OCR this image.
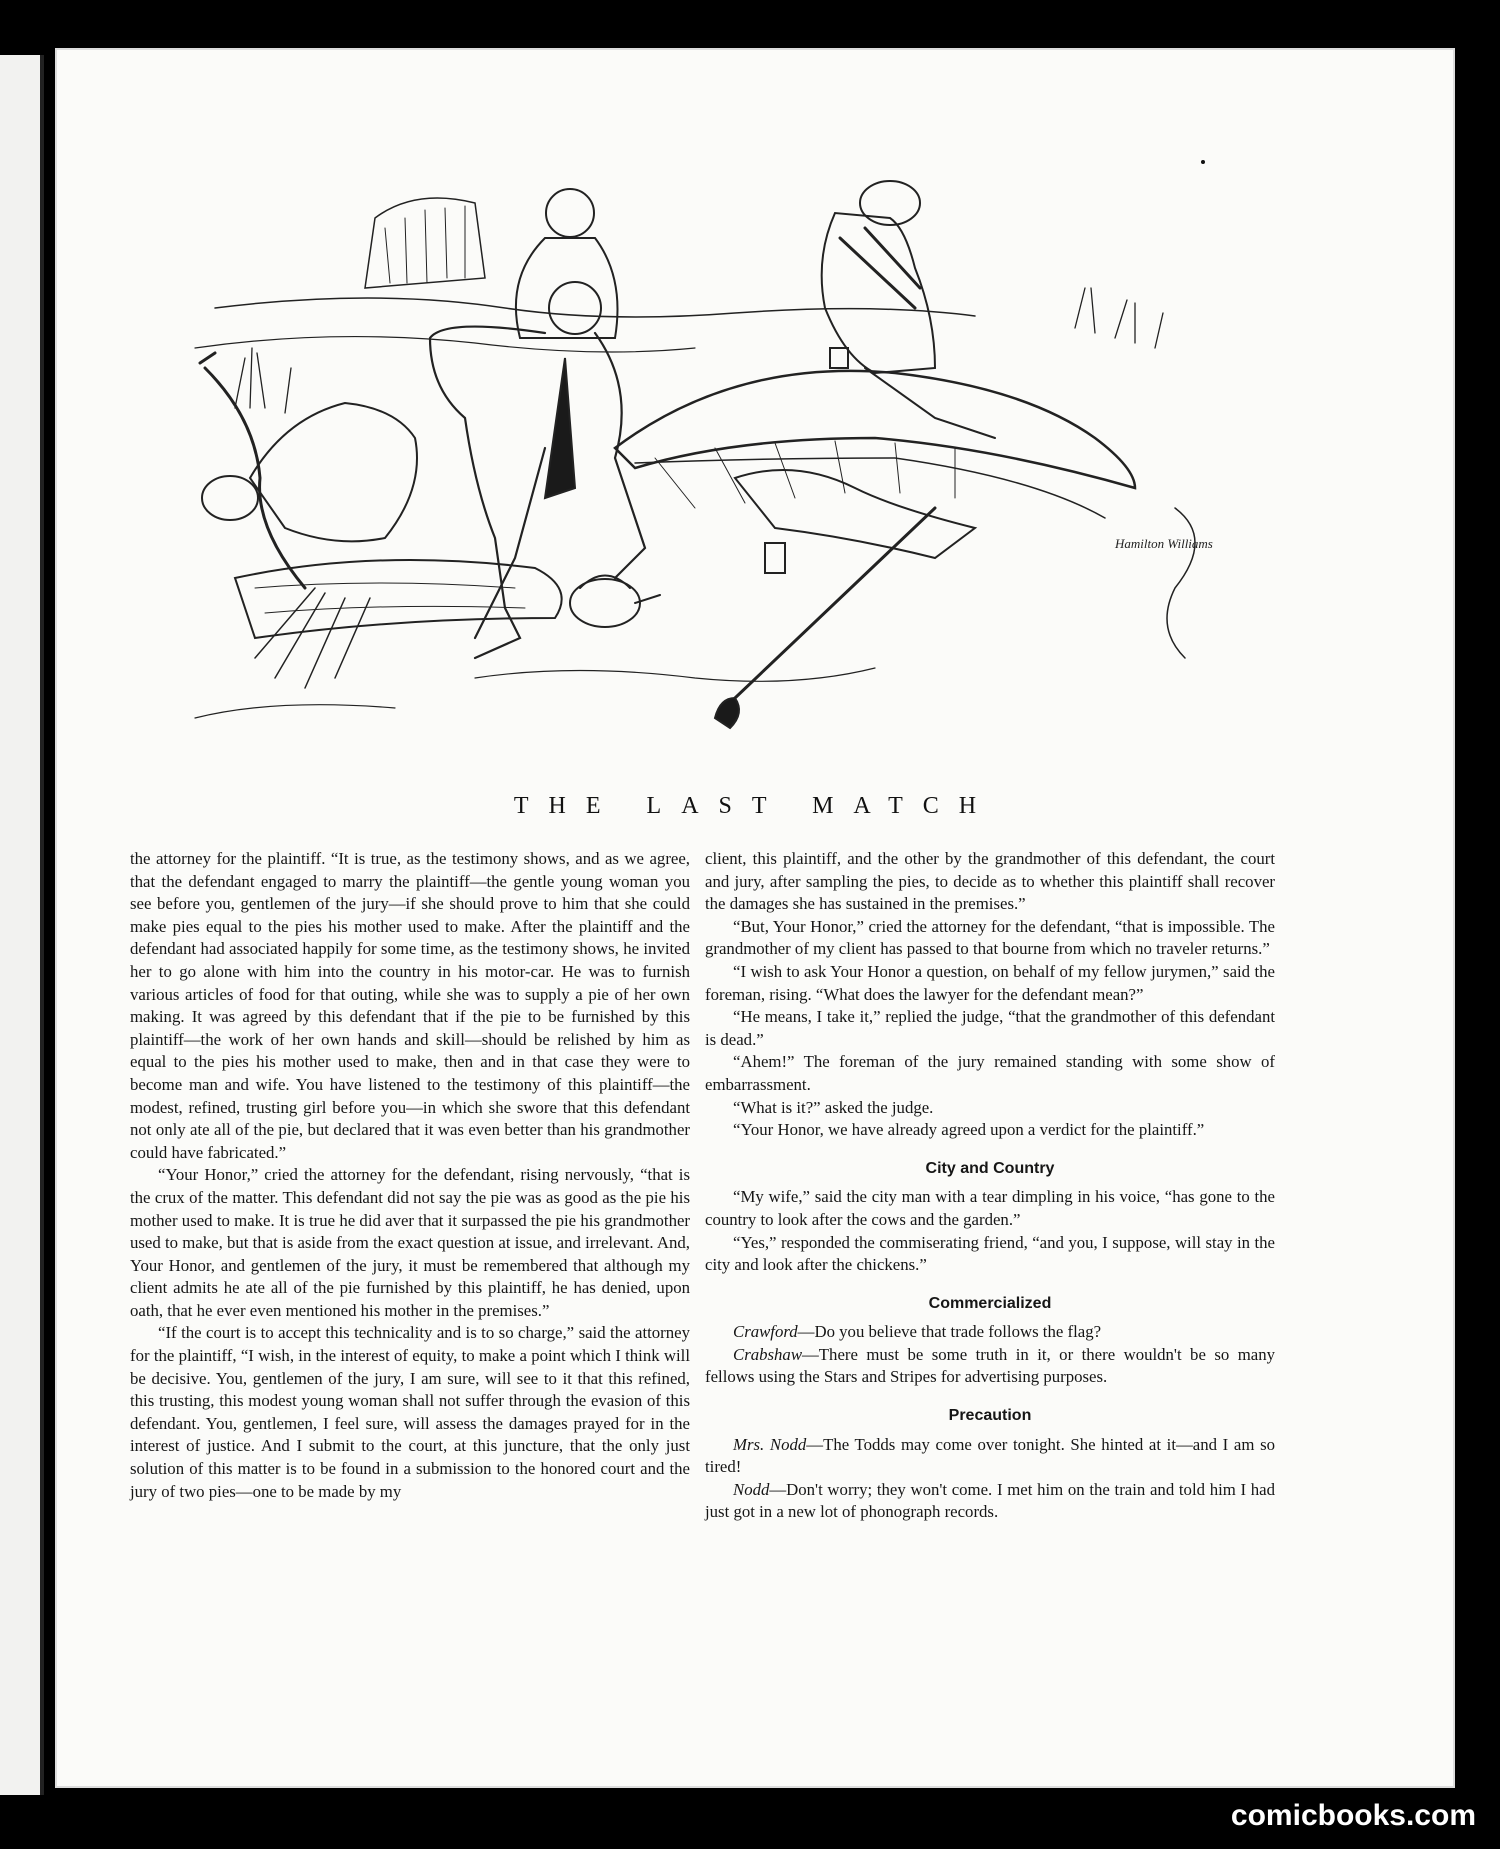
Hamilton Williams
THE LAST MATCH

the attorney for the plaintiff. “It is true, as the testimony shows, and as we agree, that the defendant engaged to marry the plaintiff—the gentle young woman you see before you, gentlemen of the jury—if she should prove to him that she could make pies equal to the pies his mother used to make. After the plaintiff and the defendant had associated happily for some time, as the testimony shows, he invited her to go alone with him into the country in his motor-car. He was to furnish various articles of food for that outing, while she was to supply a pie of her own making. It was agreed by this defendant that if the pie to be furnished by this plaintiff—the work of her own hands and skill—should be relished by him as equal to the pies his mother used to make, then and in that case they were to become man and wife. You have listened to the testimony of this plaintiff—the modest, refined, trusting girl before you—in which she swore that this defendant not only ate all of the pie, but declared that it was even better than his grandmother could have fabricated.”

“Your Honor,” cried the attorney for the defendant, rising nervously, “that is the crux of the matter. This defendant did not say the pie was as good as the pie his mother used to make. It is true he did aver that it surpassed the pie his grandmother used to make, but that is aside from the exact question at issue, and irrelevant. And, Your Honor, and gentlemen of the jury, it must be remembered that although my client admits he ate all of the pie furnished by this plaintiff, he has denied, upon oath, that he ever even mentioned his mother in the premises.”

“If the court is to accept this technicality and is to so charge,” said the attorney for the plaintiff, “I wish, in the interest of equity, to make a point which I think will be decisive. You, gentlemen of the jury, I am sure, will see to it that this refined, this trusting, this modest young woman shall not suffer through the evasion of this defendant. You, gentlemen, I feel sure, will assess the damages prayed for in the interest of justice. And I submit to the court, at this juncture, that the only just solution of this matter is to be found in a submission to the honored court and the jury of two pies—one to be made by my

client, this plaintiff, and the other by the grandmother of this defendant, the court and jury, after sampling the pies, to decide as to whether this plaintiff shall recover the damages she has sustained in the premises.”

“But, Your Honor,” cried the attorney for the defendant, “that is impossible. The grandmother of my client has passed to that bourne from which no traveler returns.”

“I wish to ask Your Honor a question, on behalf of my fellow jurymen,” said the foreman, rising. “What does the lawyer for the defendant mean?”

“He means, I take it,” replied the judge, “that the grandmother of this defendant is dead.”

“Ahem!” The foreman of the jury remained standing with some show of embarrassment.

“What is it?” asked the judge.

“Your Honor, we have already agreed upon a verdict for the plaintiff.”

City and Country

“My wife,” said the city man with a tear dimpling in his voice, “has gone to the country to look after the cows and the garden.”

“Yes,” responded the commiserating friend, “and you, I suppose, will stay in the city and look after the chickens.”

Commercialized

Crawford—Do you believe that trade follows the flag?

Crabshaw—There must be some truth in it, or there wouldn't be so many fellows using the Stars and Stripes for advertising purposes.

Precaution

Mrs. Nodd—The Todds may come over tonight. She hinted at it—and I am so tired!

Nodd—Don't worry; they won't come. I met him on the train and told him I had just got in a new lot of phonograph records.

comicbooks.com
